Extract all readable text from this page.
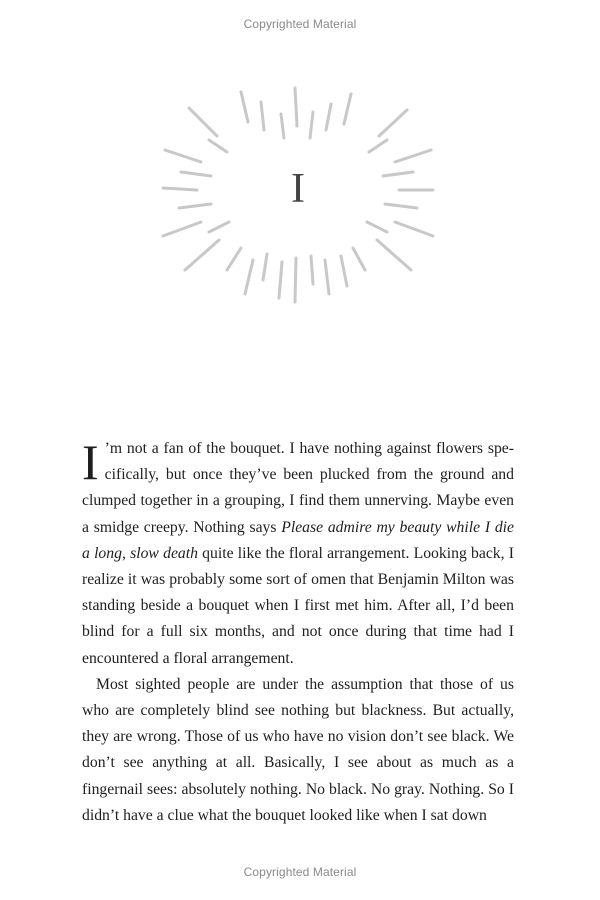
Copyrighted Material
I

I ’m not a fan of the bouquet. I have nothing against flowers specifically, but once they’ve been plucked from the ground and clumped together in a grouping, I find them unnerving. Maybe even a smidge creepy. Nothing says Please admire my beauty while I die a long, slow death quite like the floral arrangement. Looking back, I realize it was probably some sort of omen that Benjamin Milton was standing beside a bouquet when I first met him. After all, I’d been blind for a full six months, and not once during that time had I encountered a floral arrangement.

Most sighted people are under the assumption that those of us who are completely blind see nothing but blackness. But actually, they are wrong. Those of us who have no vision don’t see black. We don’t see anything at all. Basically, I see about as much as a fingernail sees: absolutely nothing. No black. No gray. Nothing. So I didn’t have a clue what the bouquet looked like when I sat down

Copyrighted Material
